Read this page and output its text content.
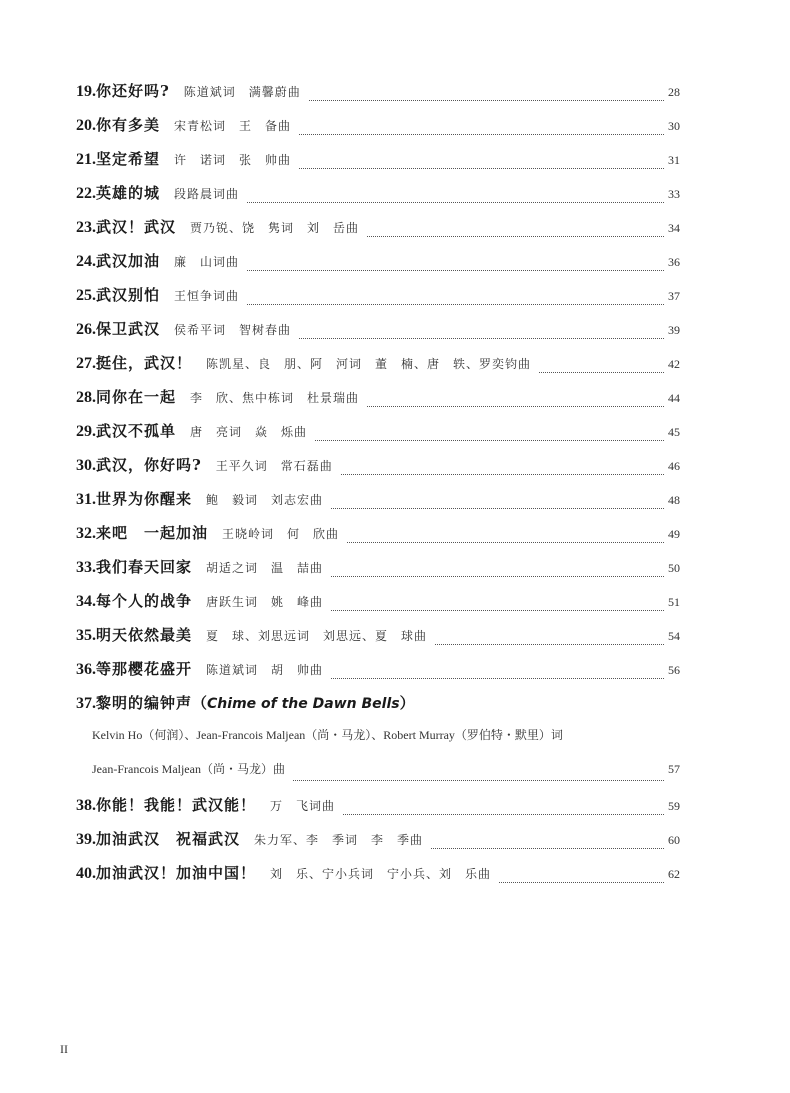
19. 你还好吗? 陈道斌词　满馨蔚曲	28
20. 你有多美 宋青松词　王　备曲	30
21. 坚定希望 许　诺词　张　帅曲	31
22. 英雄的城 段路晨词曲	33
23. 武汉！武汉 贾乃锐、饶　隽词　刘　岳曲	34
24. 武汉加油 廉　山词曲	36
25. 武汉别怕 王恒争词曲	37
26. 保卫武汉 侯希平词　智树春曲	39
27. 挺住，武汉！ 陈凯星、良　朋、阿　河词　董　楠、唐　轶、罗奕钧曲	42
28. 同你在一起 李　欣、焦中栋词　杜景瑞曲	44
29. 武汉不孤单 唐　亮词　焱　烁曲	45
30. 武汉，你好吗? 王平久词　常石磊曲	46
31. 世界为你醒来 鲍　毅词　刘志宏曲	48
32. 来吧　一起加油 王晓岭词　何　欣曲	49
33. 我们春天回家 胡适之词　温　喆曲	50
34. 每个人的战争 唐跃生词　姚　峰曲	51
35. 明天依然最美 夏　球、刘思远词　刘思远、夏　球曲	54
36. 等那樱花盛开 陈道斌词　胡　帅曲	56
37. 黎明的编钟声 （ Chime of the Dawn Bells ）
Kelvin Ho（何润）、Jean-Francois Maljean（尚・马龙）、Robert Murray（罗伯特・默里）词
Jean-Francois Maljean（尚・马龙）曲	57
38. 你能！我能！武汉能！ 万　飞词曲	59
39. 加油武汉　祝福武汉 朱力军、李　季词　李　季曲	60
40. 加油武汉！加油中国！ 刘　乐、宁小兵词　宁小兵、刘　乐曲	62
II
